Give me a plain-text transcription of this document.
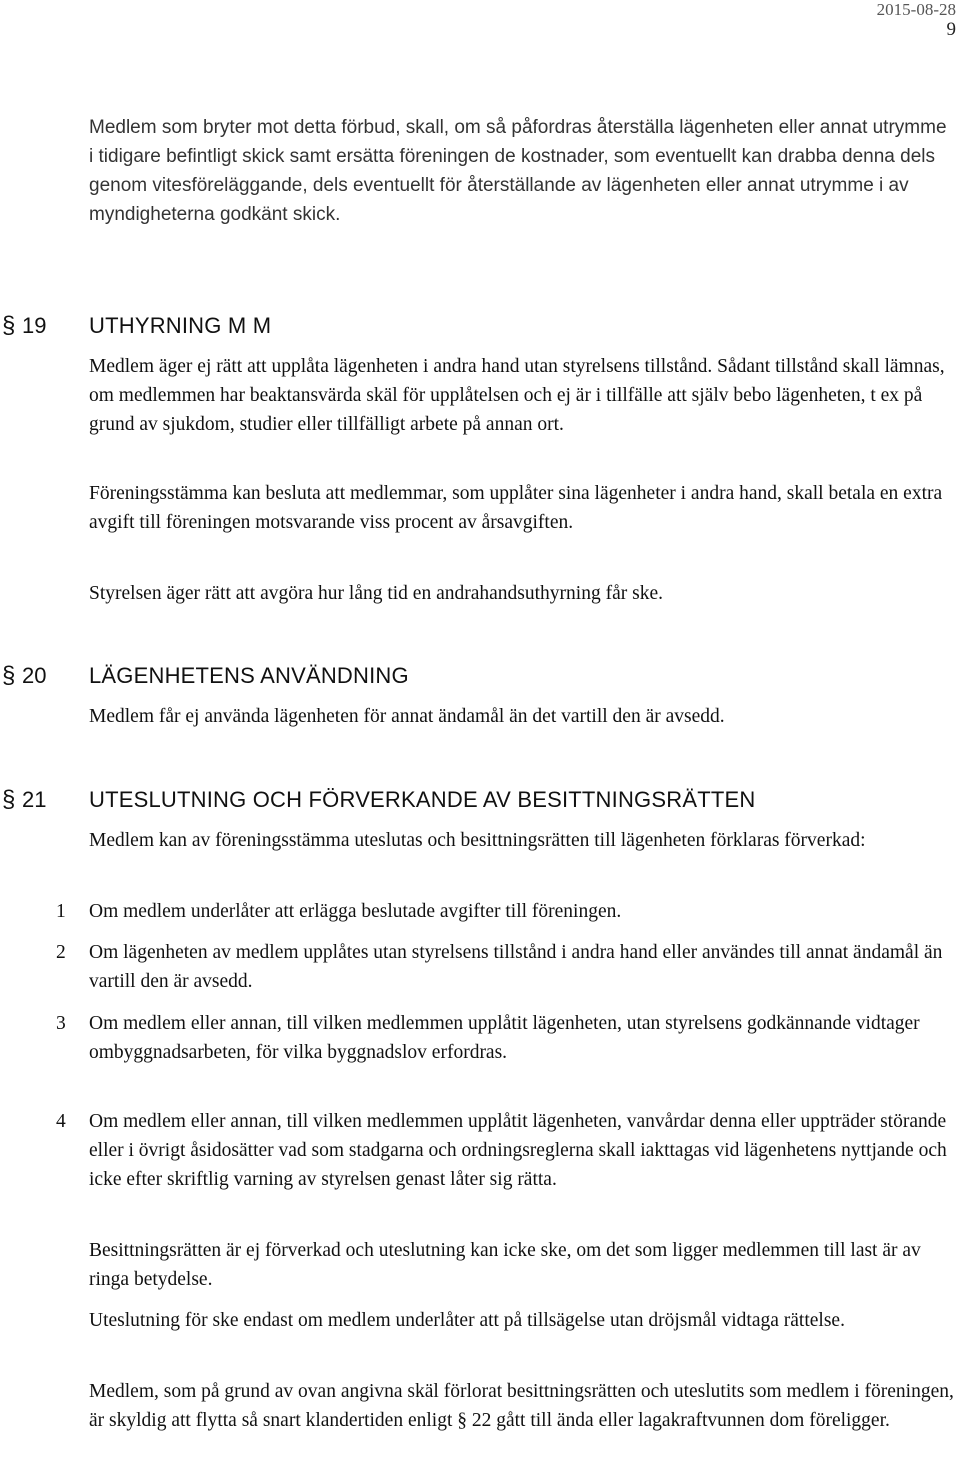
2015-08-28
9

Medlem som bryter mot detta förbud, skall, om så påfordras återställa lägenheten eller annat utrymme i tidigare befintligt skick samt ersätta föreningen de kostnader, som eventuellt kan drabba denna dels genom vitesföreläggande, dels eventuellt för återställande av lägenheten eller annat utrymme i av myndigheterna godkänt skick.

§ 19 UTHYRNING M M

Medlem äger ej rätt att upplåta lägenheten i andra hand utan styrelsens tillstånd. Sådant tillstånd skall lämnas, om medlemmen har beaktansvärda skäl för upplåtelsen och ej är i tillfälle att själv bebo lägenheten, t ex på grund av sjukdom, studier eller tillfälligt arbete på annan ort.

Föreningsstämma kan besluta att medlemmar, som upplåter sina lägenheter i andra hand, skall betala en extra avgift till föreningen motsvarande viss procent av årsavgiften.

Styrelsen äger rätt att avgöra hur lång tid en andrahandsuthyrning får ske.

§ 20 LÄGENHETENS ANVÄNDNING

Medlem får ej använda lägenheten för annat ändamål än det vartill den är avsedd.

§ 21 UTESLUTNING OCH FÖRVERKANDE AV BESITTNINGSRÄTTEN

Medlem kan av föreningsstämma uteslutas och besittningsrätten till lägenheten förklaras förverkad:

1 Om medlem underlåter att erlägga beslutade avgifter till föreningen.
2 Om lägenheten av medlem upplåtes utan styrelsens tillstånd i andra hand eller användes till annat ändamål än vartill den är avsedd.
3 Om medlem eller annan, till vilken medlemmen upplåtit lägenheten, utan styrelsens godkännande vidtager ombyggnadsarbeten, för vilka byggnadslov erfordras.
4 Om medlem eller annan, till vilken medlemmen upplåtit lägenheten, vanvårdar denna eller uppträder störande eller i övrigt åsidosätter vad som stadgarna och ordningsreglerna skall iakttagas vid lägenhetens nyttjande och icke efter skriftlig varning av styrelsen genast låter sig rätta.

Besittningsrätten är ej förverkad och uteslutning kan icke ske, om det som ligger medlemmen till last är av ringa betydelse.

Uteslutning för ske endast om medlem underlåter att på tillsägelse utan dröjsmål vidtaga rättelse.

Medlem, som på grund av ovan angivna skäl förlorat besittningsrätten och uteslutits som medlem i föreningen, är skyldig att flytta så snart klandertiden enligt § 22 gått till ända eller lagakraftvunnen dom föreligger.
